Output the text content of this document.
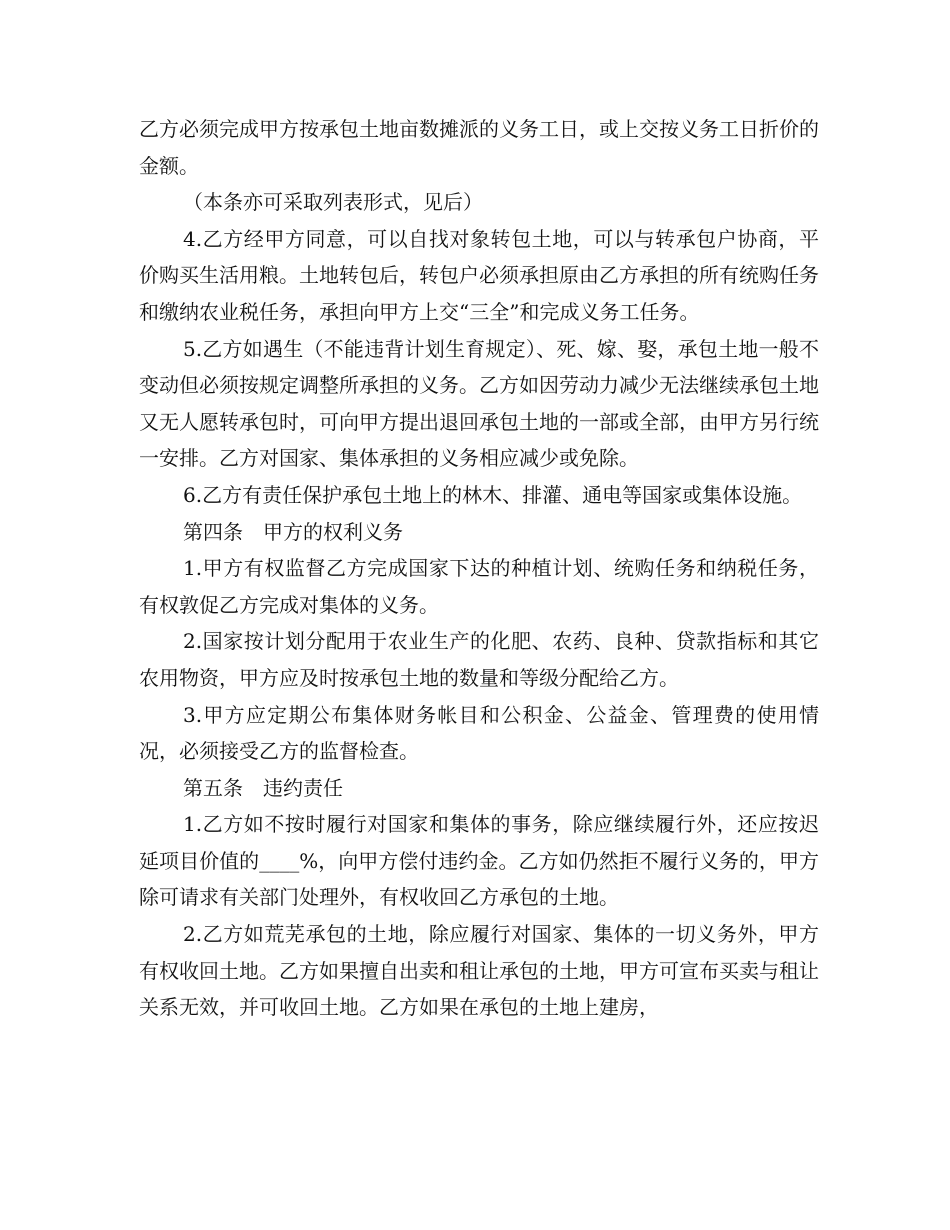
乙方必须完成甲方按承包土地亩数摊派的义务工日，或上交按义务工日折价的金额。

（本条亦可采取列表形式，见后）

4.乙方经甲方同意，可以自找对象转包土地，可以与转承包户协商，平价购买生活用粮。土地转包后，转包户必须承担原由乙方承担的所有统购任务和缴纳农业税任务，承担向甲方上交“三全”和完成义务工任务。

5.乙方如遇生（不能违背计划生育规定）、死、嫁、娶，承包土地一般不变动但必须按规定调整所承担的义务。乙方如因劳动力减少无法继续承包土地又无人愿转承包时，可向甲方提出退回承包土地的一部或全部，由甲方另行统一安排。乙方对国家、集体承担的义务相应减少或免除。

6.乙方有责任保护承包土地上的林木、排灌、通电等国家或集体设施。

第四条　甲方的权利义务

1.甲方有权监督乙方完成国家下达的种植计划、统购任务和纳税任务，有权敦促乙方完成对集体的义务。

2.国家按计划分配用于农业生产的化肥、农药、良种、贷款指标和其它农用物资，甲方应及时按承包土地的数量和等级分配给乙方。

3.甲方应定期公布集体财务帐目和公积金、公益金、管理费的使用情况，必须接受乙方的监督检查。

第五条　违约责任

1.乙方如不按时履行对国家和集体的事务，除应继续履行外，还应按迟延项目价值的____%，向甲方偿付违约金。乙方如仍然拒不履行义务的，甲方除可请求有关部门处理外，有权收回乙方承包的土地。

2.乙方如荒芜承包的土地，除应履行对国家、集体的一切义务外，甲方有权收回土地。乙方如果擅自出卖和租让承包的土地，甲方可宣布买卖与租让关系无效，并可收回土地。乙方如果在承包的土地上建房，
